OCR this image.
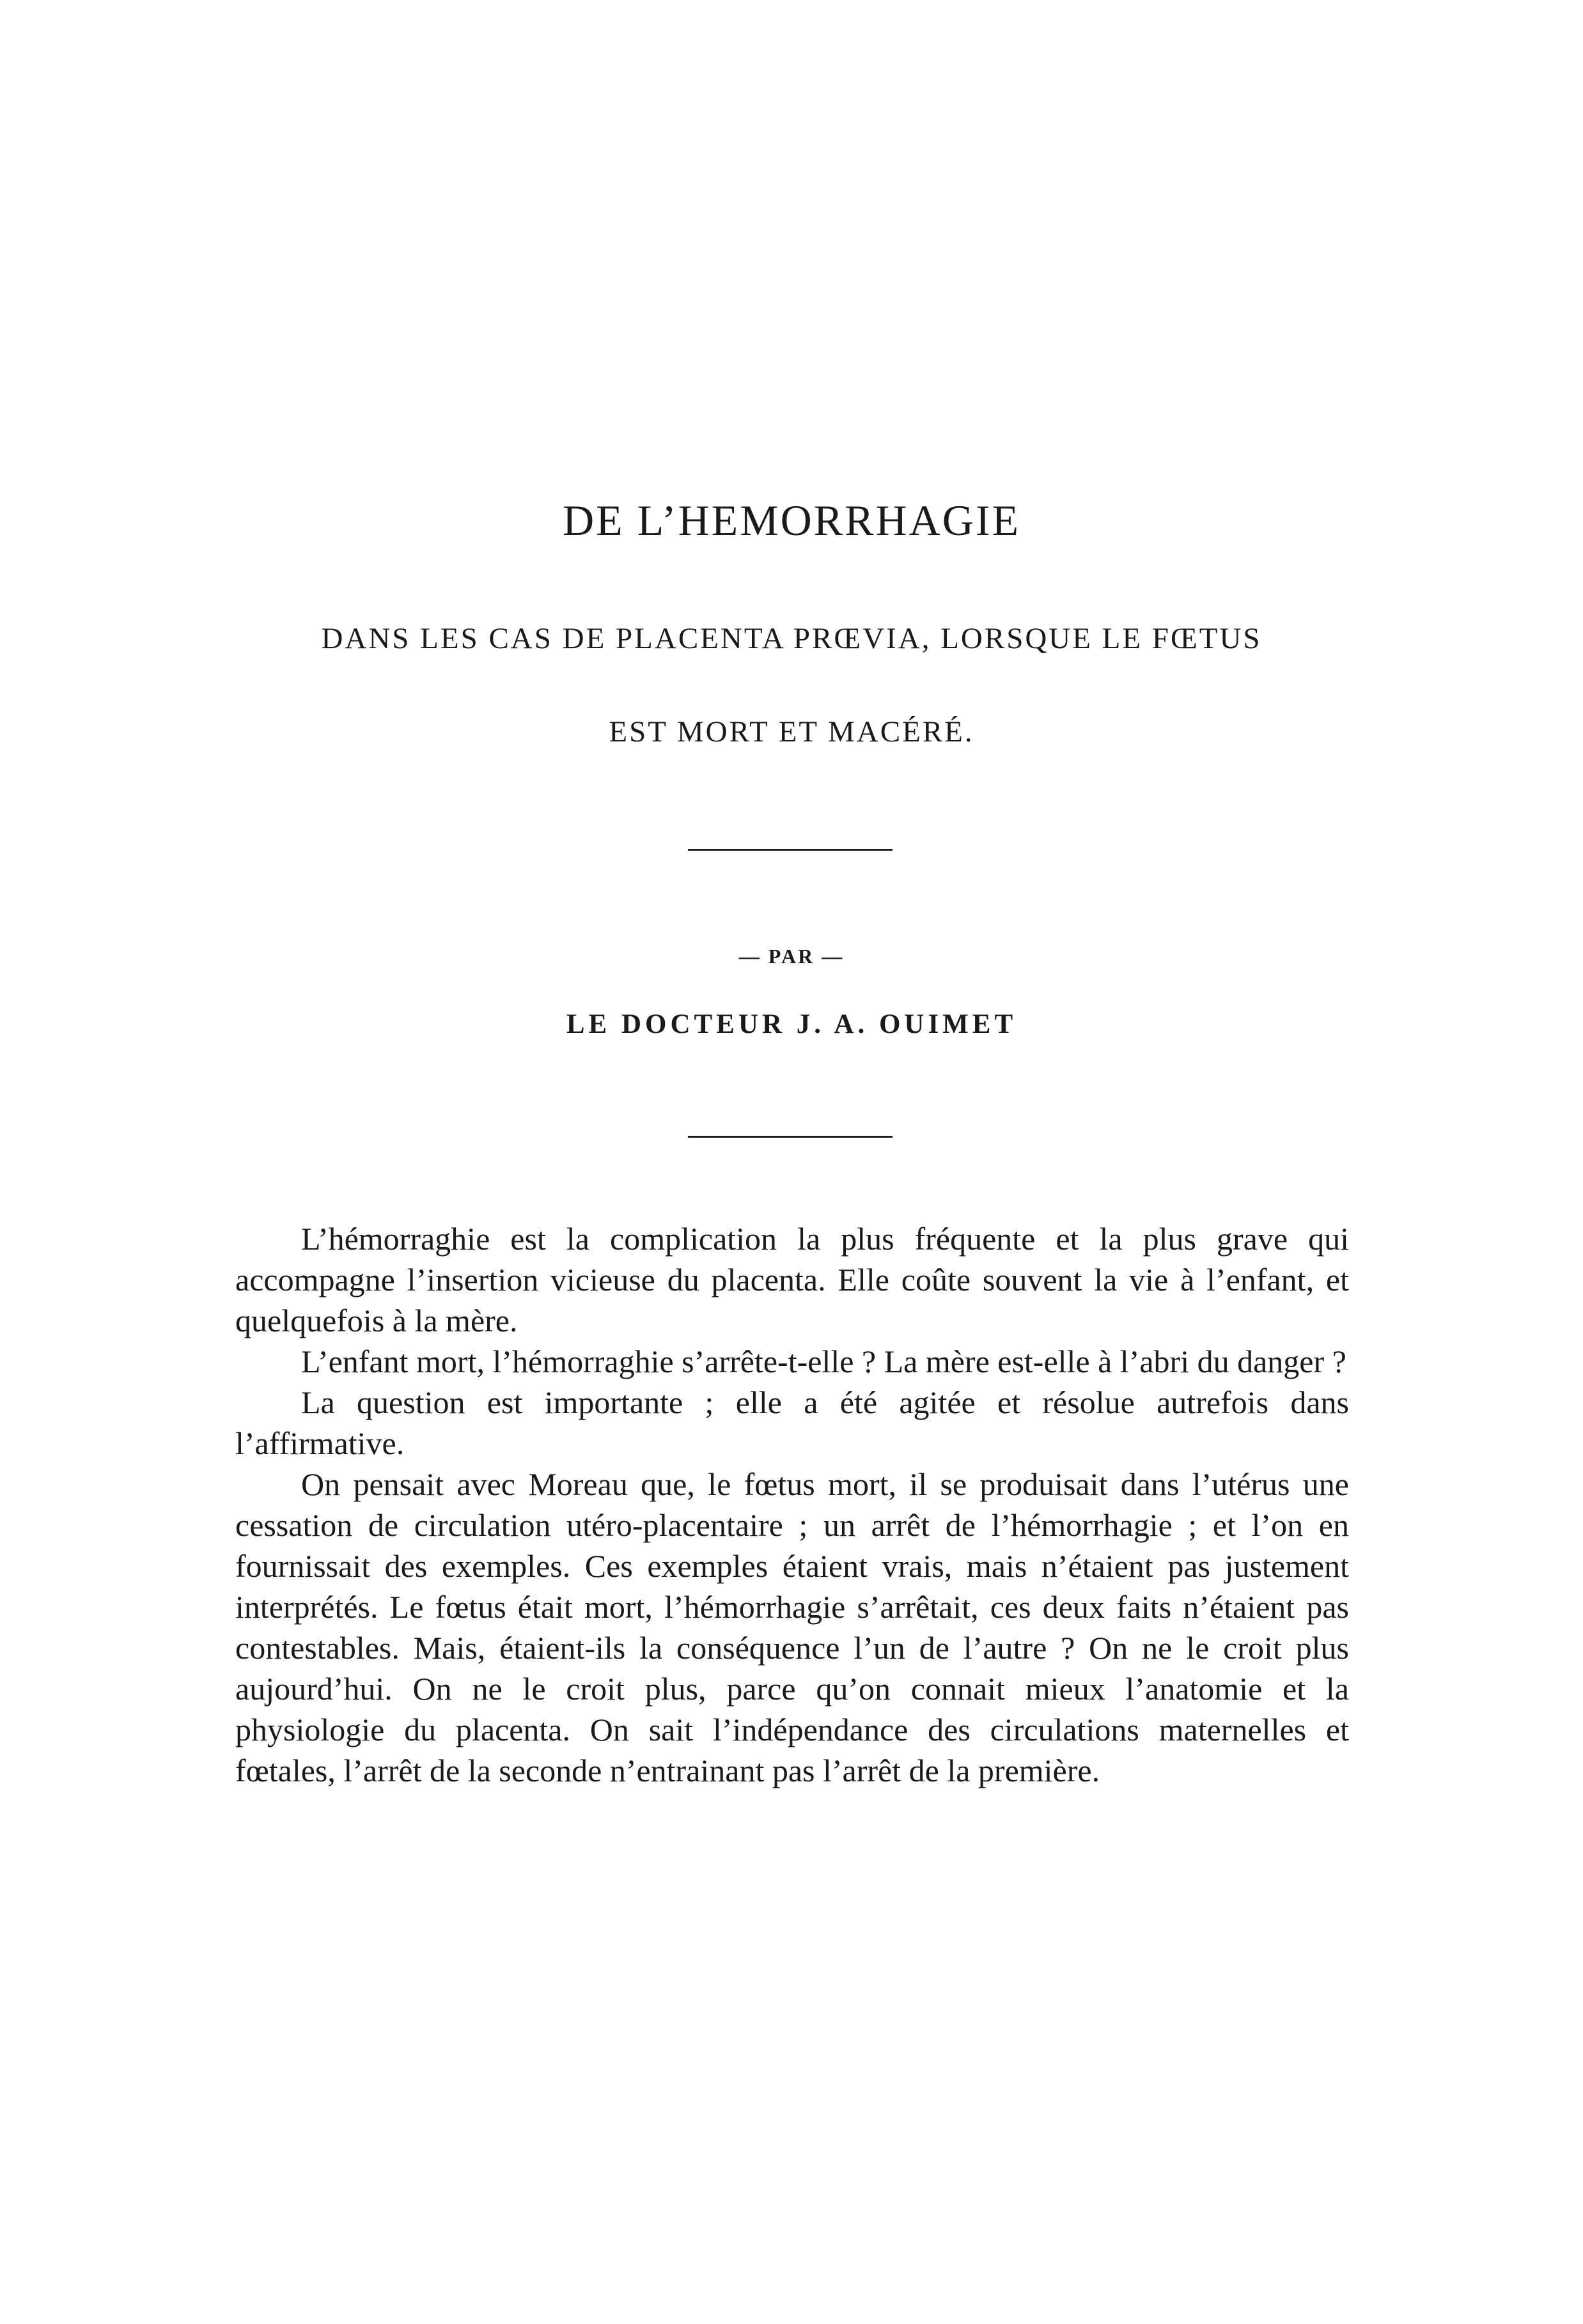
DE L’HEMORRHAGIE
DANS LES CAS DE PLACENTA PRŒVIA, LORSQUE LE FŒTUS
EST MORT ET MACÉRÉ.
— PAR —
LE DOCTEUR J. A. OUIMET

L’hémorraghie est la complication la plus fréquente et la plus grave qui accompagne l’insertion vicieuse du placenta. Elle coûte souvent la vie à l’enfant, et quelquefois à la mère.

L’enfant mort, l’hémorraghie s’arrête-t-elle ? La mère est-elle à l’abri du danger ?

La question est importante ; elle a été agitée et résolue autrefois dans l’affirmative.

On pensait avec Moreau que, le fœtus mort, il se produisait dans l’utérus une cessation de circulation utéro-placentaire ; un arrêt de l’hémorrhagie ; et l’on en fournissait des exemples. Ces exemples étaient vrais, mais n’étaient pas justement interprétés. Le fœtus était mort, l’hémorrhagie s’arrêtait, ces deux faits n’étaient pas contestables. Mais, étaient-ils la conséquence l’un de l’autre ? On ne le croit plus aujourd’hui. On ne le croit plus, parce qu’on connait mieux l’anatomie et la physiologie du placenta. On sait l’indépendance des circulations maternelles et fœtales, l’arrêt de la seconde n’entrainant pas l’arrêt de la première.
